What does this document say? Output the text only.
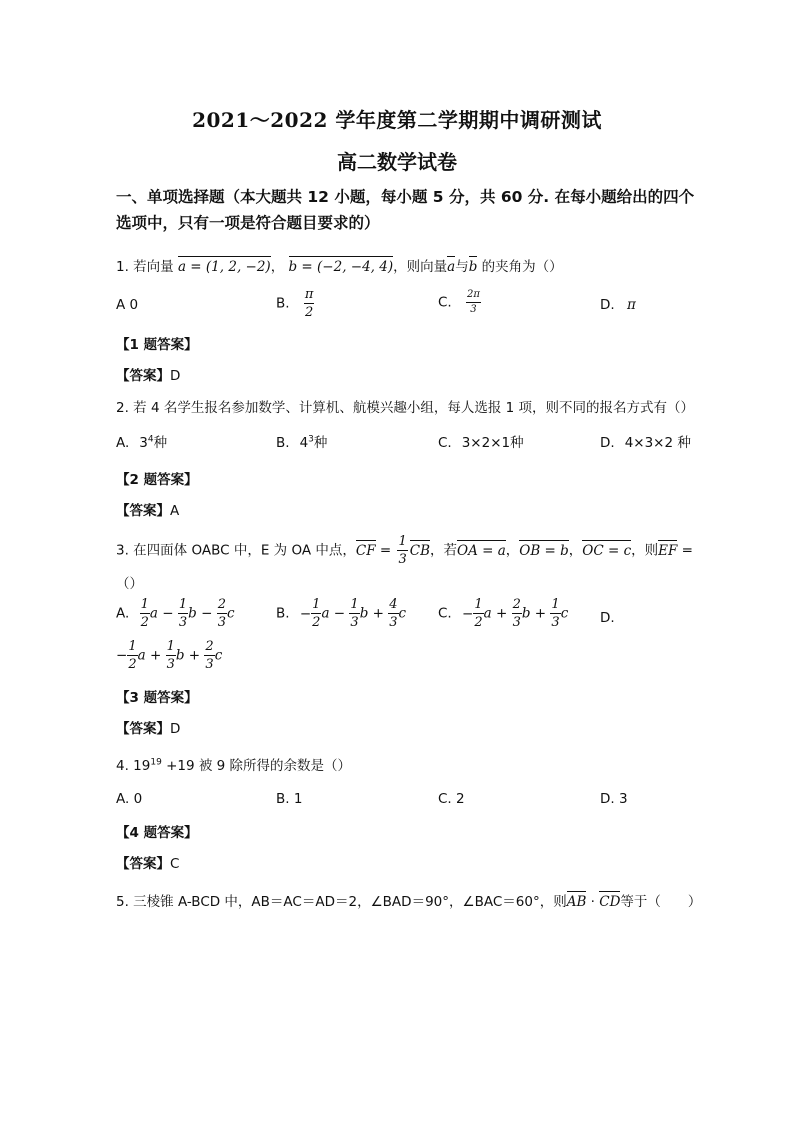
2021～2022 学年度第二学期期中调研测试
高二数学试卷
一、单项选择题（本大题共 12 小题，每小题 5 分，共 60 分. 在每小题给出的四个选项中，只有一项是符合题目要求的）
1. 若向量 a = (1, 2, −2)， b = (−2, −4, 4)，则向量a与b 的夹角为（）
A 0	B. $\frac{\pi}{2}$	C. $\frac{2\pi}{3}$	D. π
【1 题答案】
【答案】D
2. 若 4 名学生报名参加数学、计算机、航模兴趣小组，每人选报 1 项，则不同的报名方式有（）
A. $3^4$种	B. $4^3$种	C. 3×2×1种	D. 4×3×2 种
【2 题答案】
【答案】A
3. 在四面体 OABC 中，E 为 OA 中点，CF = $\frac{1}{3}$ CB，若OA = a，OB = b，OC = c，则EF =
（）
A. $\frac{1}{2}$ $a - \frac{1}{3}$ $b - \frac{2}{3}$ c	B. − $\frac{1}{2}$ $a - \frac{1}{3}$ $b + \frac{4}{3}$ c C. − $\frac{1}{2}$ $a + \frac{2}{3}$ $b + \frac{1}{3}$ c D.
− $\frac{1}{2}$ $a + \frac{1}{3}$ $b + \frac{2}{3}$ c
【3 题答案】
【答案】D
4. $19^{19} +19$ 被 9 除所得的余数是（）
A. 0	B. 1	C. 2	D. 3
【4 题答案】
【答案】C
5. 三棱锥 A-BCD 中，AB＝AC＝AD＝2，∠BAD＝90°，∠BAC＝60°，则AB · CD等于（　　）
